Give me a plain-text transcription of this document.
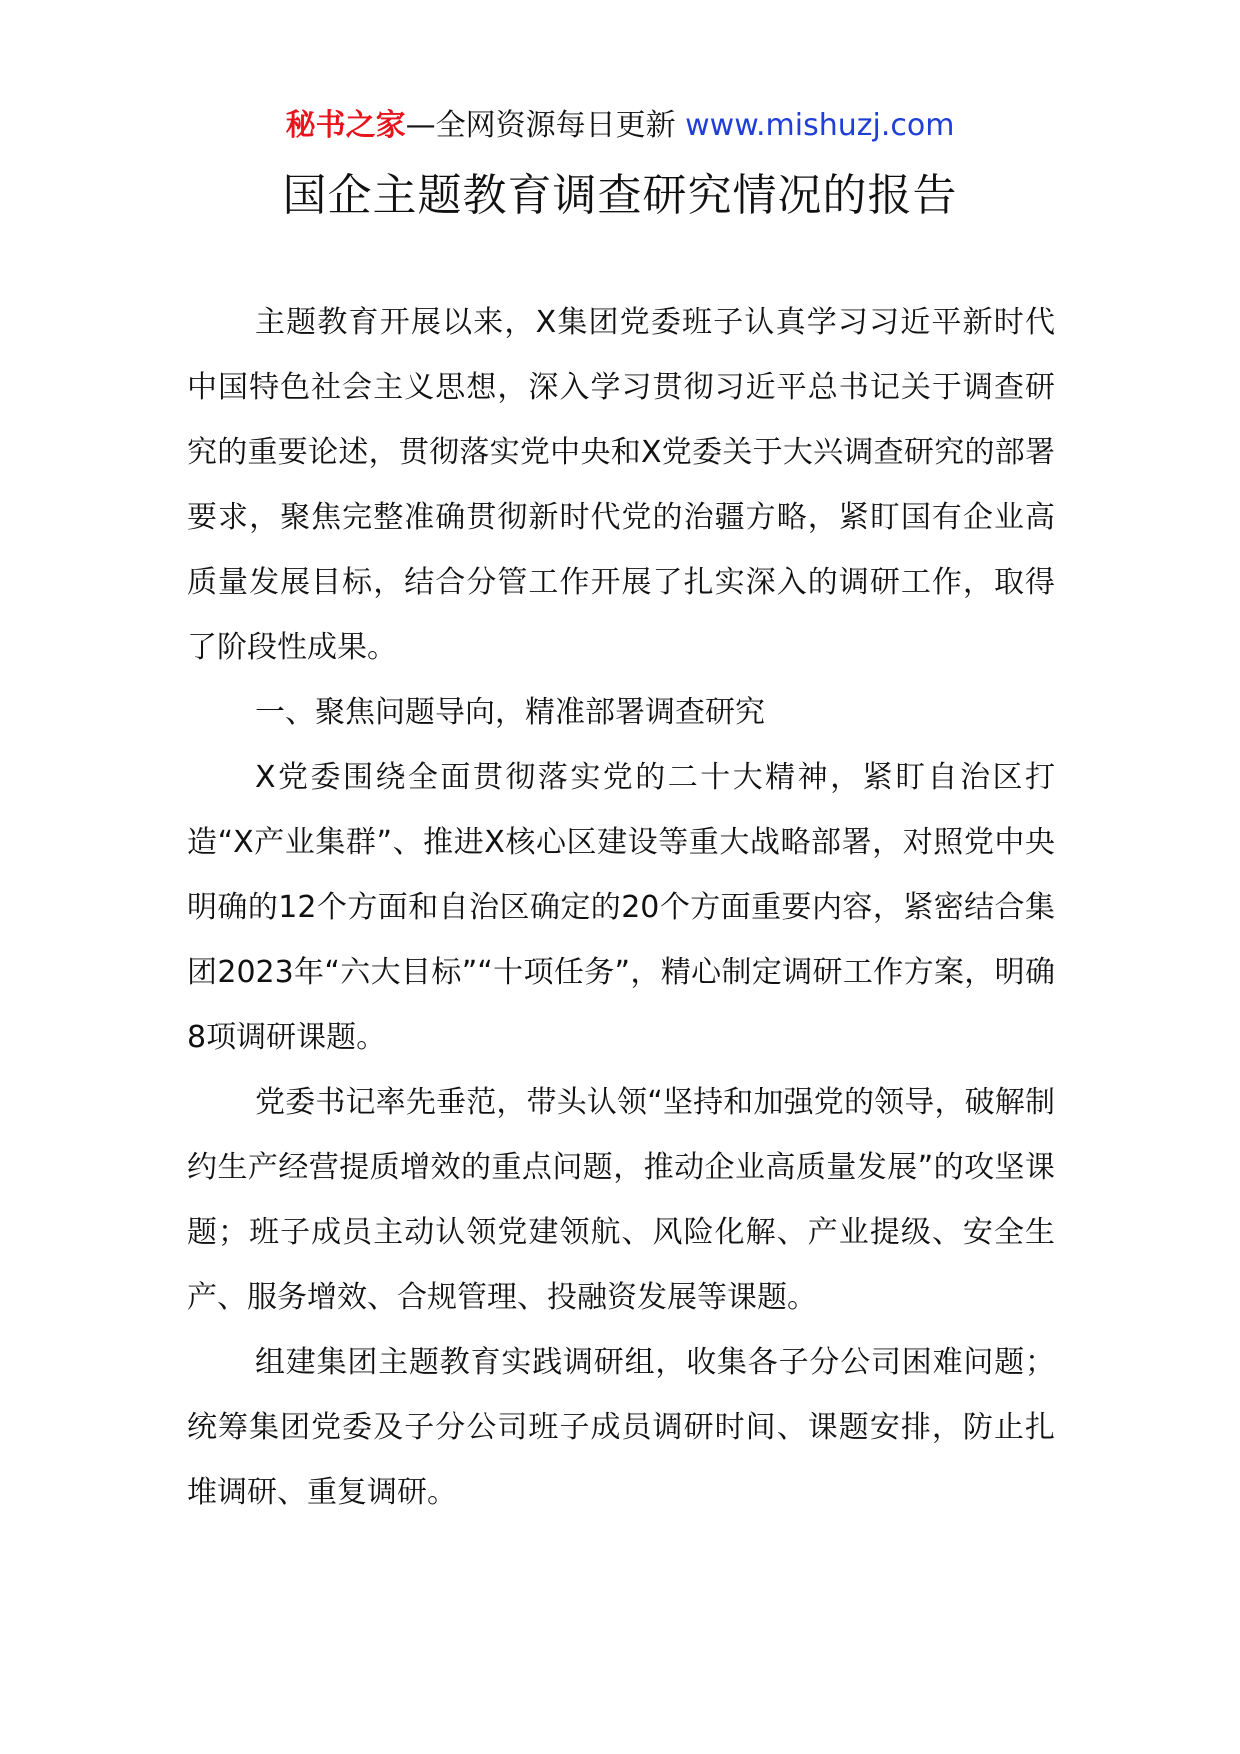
秘书之家—全网资源每日更新 www.mishuzj.com
国企主题教育调查研究情况的报告

主题教育开展以来，X集团党委班子认真学习习近平新时代中国特色社会主义思想，深入学习贯彻习近平总书记关于调查研究的重要论述，贯彻落实党中央和X党委关于大兴调查研究的部署要求，聚焦完整准确贯彻新时代党的治疆方略，紧盯国有企业高质量发展目标，结合分管工作开展了扎实深入的调研工作，取得了阶段性成果。

一、聚焦问题导向，精准部署调查研究

X党委围绕全面贯彻落实党的二十大精神，紧盯自治区打造“X产业集群”、推进X核心区建设等重大战略部署，对照党中央明确的12个方面和自治区确定的20个方面重要内容，紧密结合集团2023年“六大目标”“十项任务”，精心制定调研工作方案，明确8项调研课题。

党委书记率先垂范，带头认领“坚持和加强党的领导，破解制约生产经营提质增效的重点问题，推动企业高质量发展”的攻坚课题；班子成员主动认领党建领航、风险化解、产业提级、安全生产、服务增效、合规管理、投融资发展等课题。

组建集团主题教育实践调研组，收集各子分公司困难问题；统筹集团党委及子分公司班子成员调研时间、课题安排，防止扎堆调研、重复调研。
